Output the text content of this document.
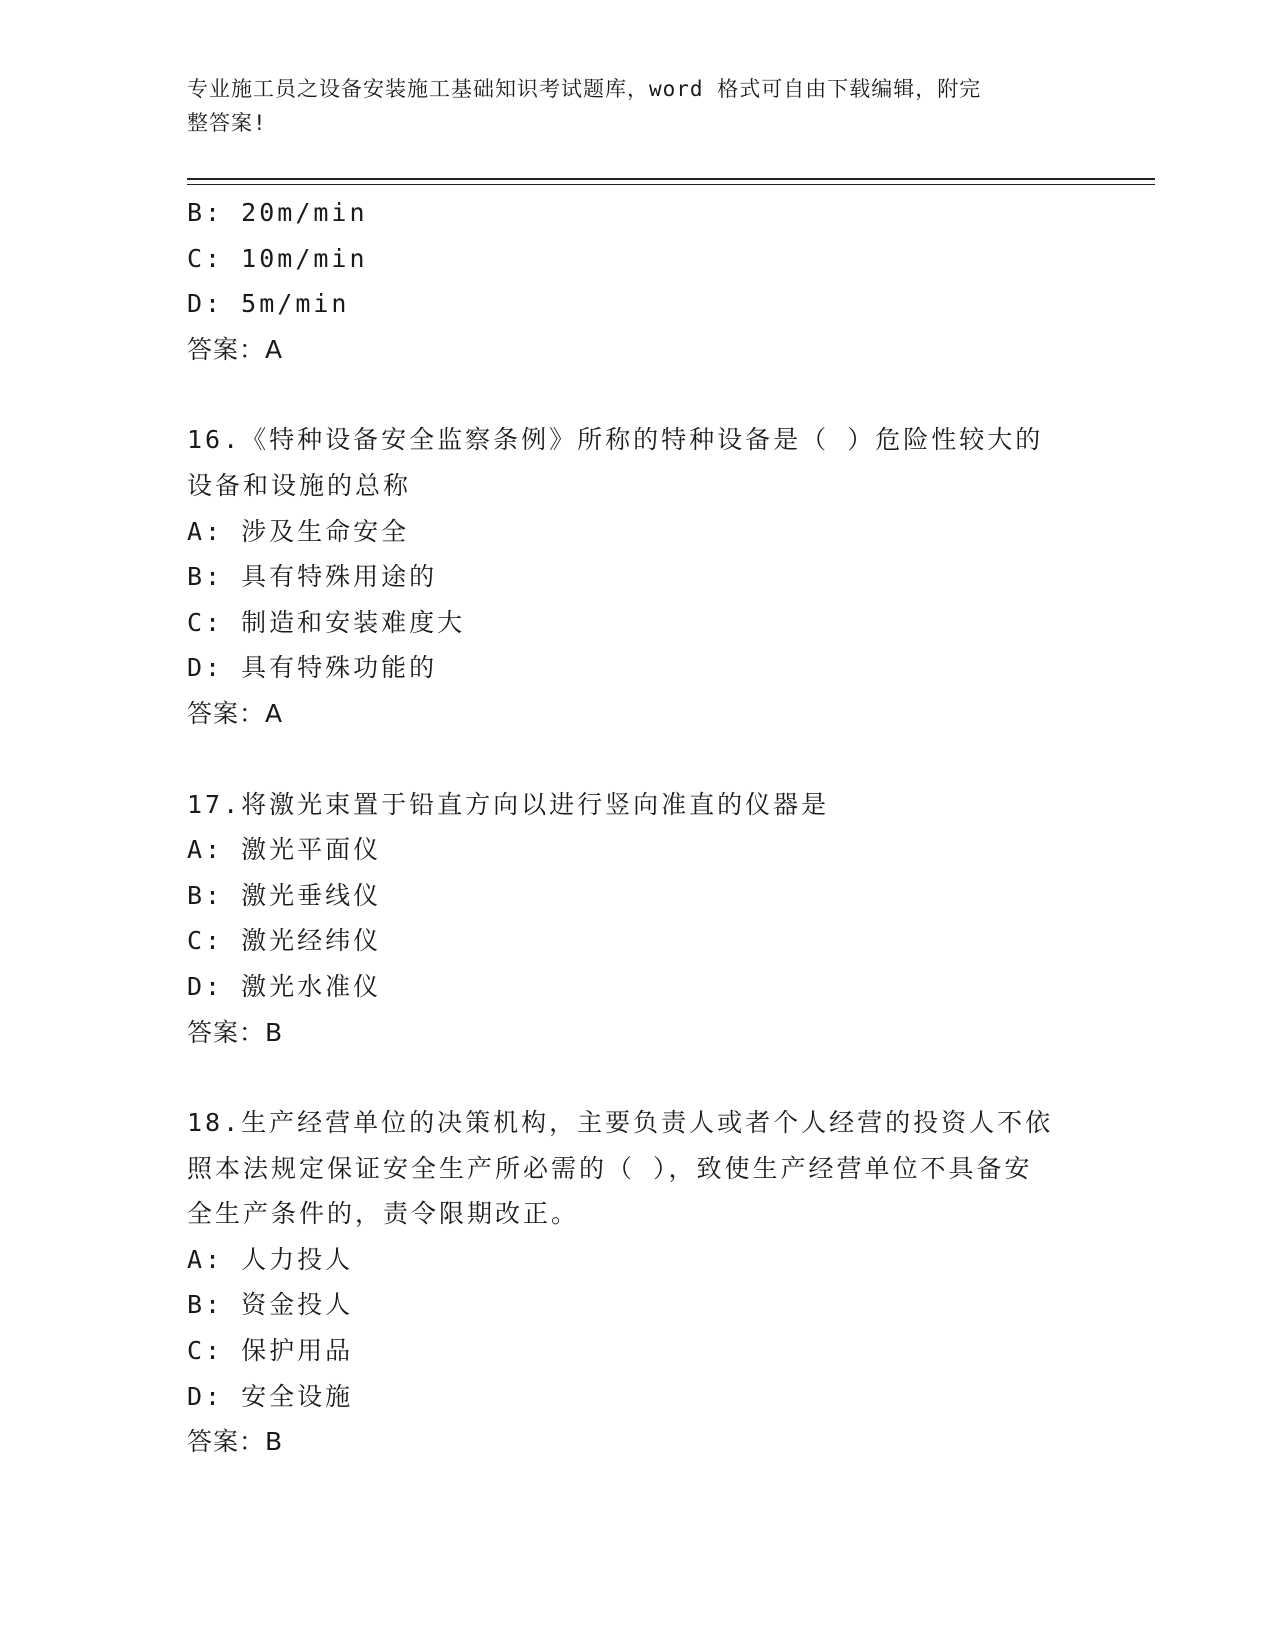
专业施工员之设备安装施工基础知识考试题库，word 格式可自由下载编辑，附完
整答案!
B: 20m/min
C: 10m/min
D: 5m/min
答案：A
16.《特种设备安全监察条例》所称的特种设备是（ ）危险性较大的
设备和设施的总称
A: 涉及生命安全
B: 具有特殊用途的
C: 制造和安装难度大
D: 具有特殊功能的
答案：A
17.将激光束置于铅直方向以进行竖向准直的仪器是
A: 激光平面仪
B: 激光垂线仪
C: 激光经纬仪
D: 激光水准仪
答案：B
18.生产经营单位的决策机构，主要负责人或者个人经营的投资人不依
照本法规定保证安全生产所必需的（ ），致使生产经营单位不具备安
全生产条件的，责令限期改正。
A: 人力投人
B: 资金投人
C: 保护用品
D: 安全设施
答案：B
